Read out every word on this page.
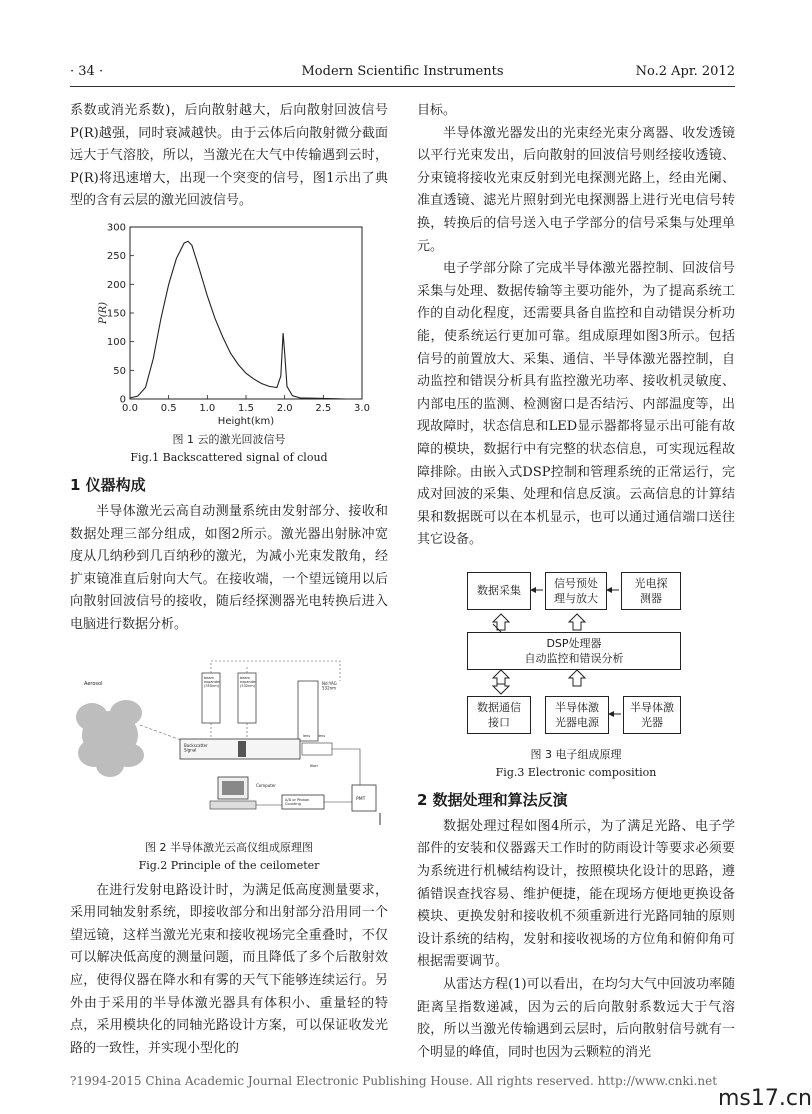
· 34 ·	Modern Scientific Instruments	No.2 Apr. 2012

系数或消光系数)，后向散射越大，后向散射回波信号P(R)越强，同时衰减越快。由于云体后向散射微分截面远大于气溶胶，所以，当激光在大气中传输遇到云时，P(R)将迅速增大，出现一个突变的信号，图1示出了典型的含有云层的激光回波信号。

0
50
100
150
200
250
300
0.0 0.5 1.0 1.5 2.0 2.5 3.0
Height(km)
P(R)

图 1 云的激光回波信号

Fig.1 Backscattered signal of cloud

1 仪器构成

半导体激光云高自动测量系统由发射部分、接收和数据处理三部分组成，如图2所示。激光器出射脉冲宽度从几纳秒到几百纳秒的激光，为减小光束发散角，经扩束镜准直后射向大气。在接收端，一个望远镜用以后向散射回波信号的接收，随后经探测器光电转换后进入电脑进行数据分析。

Aerosol
beam expander (355nm)
beam expander (532nm)
Nd:YAG 532nm
Backscatter Signal
lens lens
fiber
PMT
Computer
A/D or Photon Counting

图 2 半导体激光云高仪组成原理图

Fig.2 Principle of the ceilometer

在进行发射电路设计时，为满足低高度测量要求，采用同轴发射系统，即接收部分和出射部分沿用同一个望远镜，这样当激光光束和接收视场完全重叠时，不仅可以解决低高度的测量问题，而且降低了多个后散射效应，使得仪器在降水和有雾的天气下能够连续运行。另外由于采用的半导体激光器具有体积小、重量轻的特点，采用模块化的同轴光路设计方案，可以保证收发光路的一致性，并实现小型化的

目标。

半导体激光器发出的光束经光束分离器、收发透镜以平行光束发出，后向散射的回波信号则经接收透镜、分束镜将接收光束反射到光电探测光路上，经由光阑、准直透镜、滤光片照射到光电探测器上进行光电信号转换，转换后的信号送入电子学部分的信号采集与处理单元。

电子学部分除了完成半导体激光器控制、回波信号采集与处理、数据传输等主要功能外，为了提高系统工作的自动化程度，还需要具备自监控和自动错误分析功能，使系统运行更加可靠。组成原理如图3所示。包括信号的前置放大、采集、通信、半导体激光器控制，自动监控和错误分析具有监控激光功率、接收机灵敏度、内部电压的监测、检测窗口是否结污、内部温度等，出现故障时，状态信息和LED显示器都将显示出可能有故障的模块，数据行中有完整的状态信息，可实现远程故障排除。由嵌入式DSP控制和管理系统的正常运行，完成对回波的采集、处理和信息反演。云高信息的计算结果和数据既可以在本机显示，也可以通过通信端口送往其它设备。

数据采集
信号预处
理与放大
光电探
测器
DSP处理器
自动监控和错误分析
数据通信
接口
半导体激
光器电源
半导体激
光器

图 3 电子组成原理

Fig.3 Electronic composition

2 数据处理和算法反演

数据处理过程如图4所示，为了满足光路、电子学部件的安装和仪器露天工作时的防雨设计等要求必须要为系统进行机械结构设计，按照模块化设计的思路，遵循错误查找容易、维护便捷，能在现场方便地更换设备模块、更换发射和接收机不须重新进行光路同轴的原则设计系统的结构，发射和接收视场的方位角和俯仰角可根据需要调节。

从雷达方程(1)可以看出，在均匀大气中回波功率随距离呈指数递减，因为云的后向散射系数远大于气溶胶，所以当激光传输遇到云层时，后向散射信号就有一个明显的峰值，同时也因为云颗粒的消光

?1994-2015 China Academic Journal Electronic Publishing House. All rights reserved. http://www.cnki.net
ms17.cn
